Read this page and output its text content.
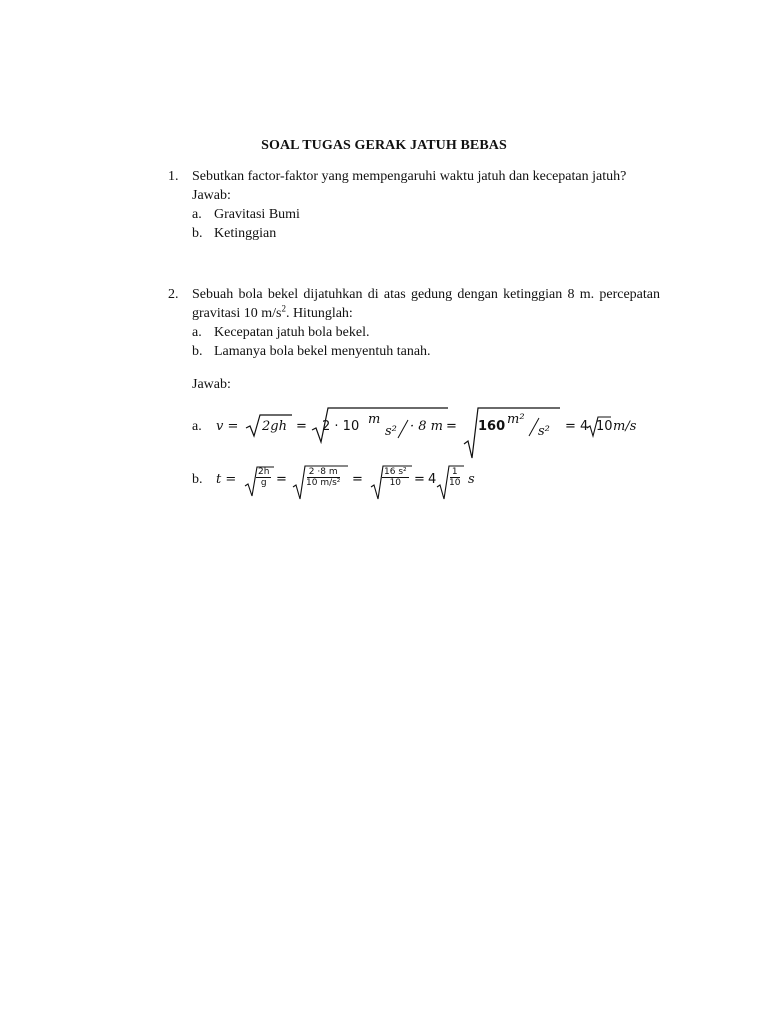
SOAL TUGAS GERAK JATUH BEBAS
1. Sebutkan factor-faktor yang mempengaruhi waktu jatuh dan kecepatan jatuh?
Jawab:
a. Gravitasi Bumi
b. Ketinggian
2. Sebuah bola bekel dijatuhkan di atas gedung dengan ketinggian 8 m. percepatan gravitasi 10 $m/s^2$. Hitunglah:
a. Kecepatan jatuh bola bekel.
b. Lamanya bola bekel menyentuh tanah.
Jawab:
a. v = 2gh = 2 · 10 m
s² · 8 m = 160 m²
s² = 4 10 m/s
b. $t = \frac{2h}{g} = \frac{2 \cdot 8 m}{\text{10 m/s²}} = \frac{\text{16 s²}}{10} = 4 \frac{1}{10}$ s
